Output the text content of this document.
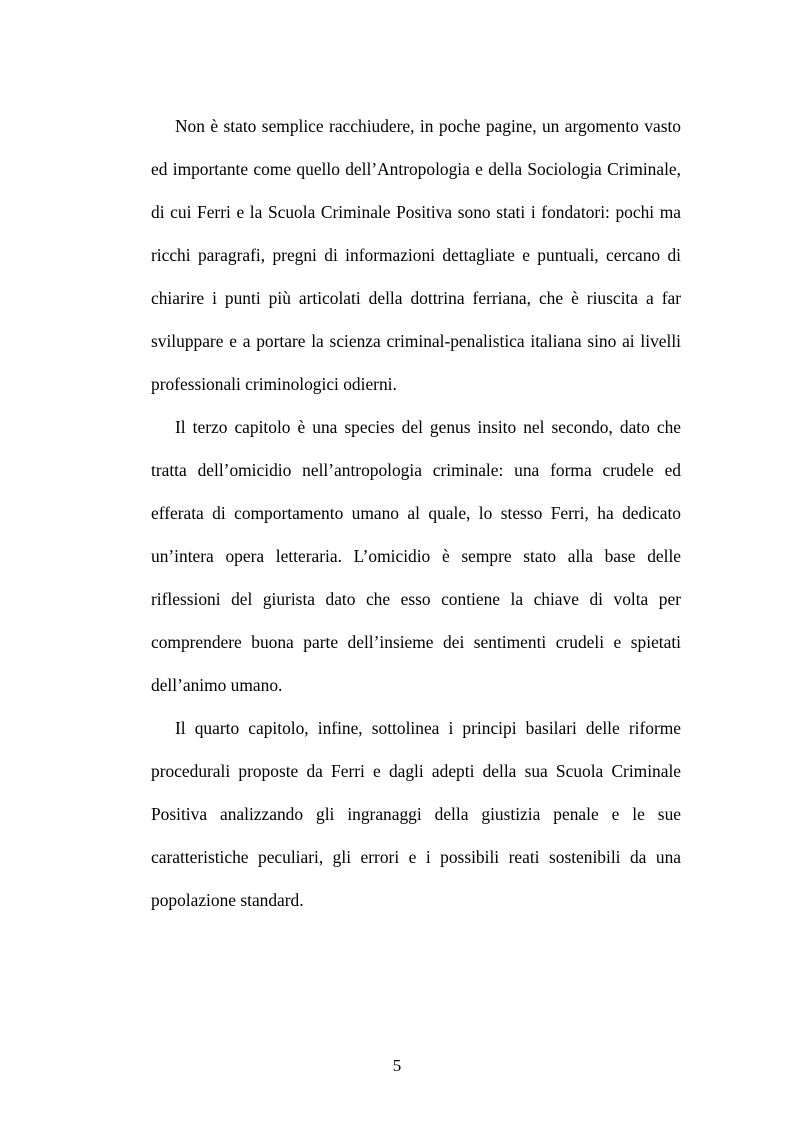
Non è stato semplice racchiudere, in poche pagine, un argomento vasto ed importante come quello dell’Antropologia e della Sociologia Criminale, di cui Ferri e la Scuola Criminale Positiva sono stati i fondatori: pochi ma ricchi paragrafi, pregni di informazioni dettagliate e puntuali, cercano di chiarire i punti più articolati della dottrina ferriana, che è riuscita a far sviluppare e a portare la scienza criminal-penalistica italiana sino ai livelli professionali criminologici odierni.

Il terzo capitolo è una species del genus insito nel secondo, dato che tratta dell’omicidio nell’antropologia criminale: una forma crudele ed efferata di comportamento umano al quale, lo stesso Ferri, ha dedicato un’intera opera letteraria. L’omicidio è sempre stato alla base delle riflessioni del giurista dato che esso contiene la chiave di volta per comprendere buona parte dell’insieme dei sentimenti crudeli e spietati dell’animo umano.

Il quarto capitolo, infine, sottolinea i principi basilari delle riforme procedurali proposte da Ferri e dagli adepti della sua Scuola Criminale Positiva analizzando gli ingranaggi della giustizia penale e le sue caratteristiche peculiari, gli errori e i possibili reati sostenibili da una popolazione standard.

5
